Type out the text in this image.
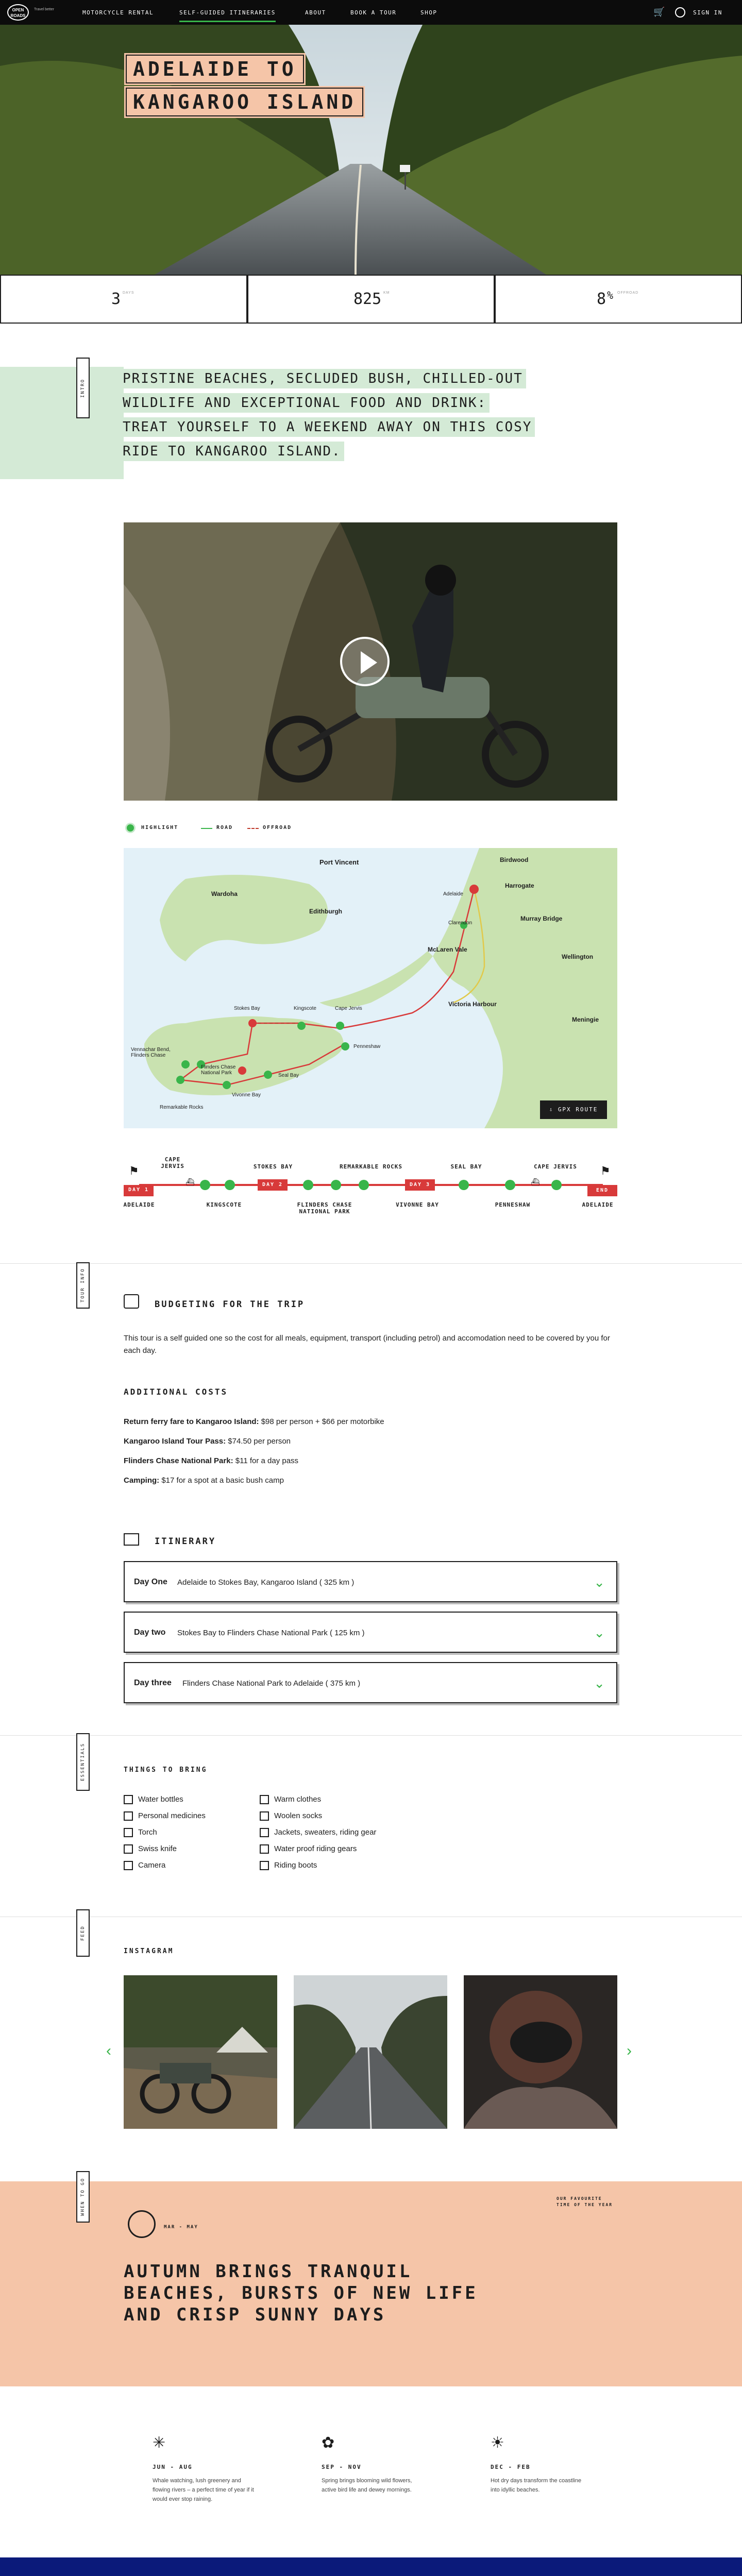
OPEN ROADS
Travel better	MOTORCYCLE RENTAL	SELF-GUIDED ITINERARIES	ABOUT	BOOK A TOUR	SHOP	🛒	SIGN IN
ADELAIDE TO
KANGAROO ISLAND
3 DAYS	825 KM	8 % OFFROAD
INTRO	PRISTINE BEACHES, SECLUDED BUSH, CHILLED-OUT
WILDLIFE AND EXCEPTIONAL FOOD AND DRINK:
TREAT YOURSELF TO A WEEKEND AWAY ON THIS COSY
RIDE TO KANGAROO ISLAND.
HIGHLIGHT	ROAD	OFFROAD
Port Vincent
Wardoha
Edithburgh
Birdwood
Harrogate
Murray Bridge
Wellington
Meningie
McLaren Vale
Adelaide
Clarendon
Victoria Harbour
Stokes Bay	Kingscote	Cape Jervis
Penneshaw
Vivonne Bay
Seal Bay
Remarkable Rocks
Flinders Chase National Park
Vennachar Bend, Flinders Chase
⇩ GPX ROUTE
DAY 1
DAY 2	DAY 3
END
⚑	⚑
⛴	⛴
CAPE JERVIS	STOKES BAY	REMARKABLE ROCKS	SEAL BAY	CAPE JERVIS
ADELAIDE	KINGSCOTE	FLINDERS CHASE NATIONAL PARK
VIVONNE BAY	PENNESHAW	ADELAIDE
TOUR INFO
BUDGETING FOR THE TRIP
This tour is a self guided one so the cost for all meals, equipment, transport (including petrol) and accomodation need to be covered by you for each day.
ADDITIONAL COSTS
Return ferry fare to Kangaroo Island: $98 per person + $66 per motorbike
Kangaroo Island Tour Pass: $74.50 per person
Flinders Chase National Park: $11 for a day pass
Camping: $17 for a spot at a basic bush camp
ITINERARY
Day One Adelaide to Stokes Bay, Kangaroo Island ( 325 km )	⌄
Day two Stokes Bay to Flinders Chase National Park ( 125 km )	⌄
Day three Flinders Chase National Park to Adelaide ( 375 km )	⌄
ESSENTIALS	THINGS TO BRING
Water bottles
Personal medicines
Torch
Swiss knife
Camera
Warm clothes
Woolen socks
Jackets, sweaters, riding gear
Water proof riding gears
Riding boots
FEED
INSTAGRAM
‹	›
WHEN TO GO
MAR - MAY
OUR FAVOURITE TIME OF THE YEAR
AUTUMN BRINGS TRANQUIL
BEACHES, BURSTS OF NEW LIFE
AND CRISP SUNNY DAYS
✳
JUN - AUG
Whale watching, lush greenery and flowing rivers – a perfect time of year if it would ever stop raining.
✿
SEP - NOV
Spring brings blooming wild flowers, active bird life and dewey mornings.
☀
DEC - FEB
Hot dry days transform the coastline into idyllic beaches.
